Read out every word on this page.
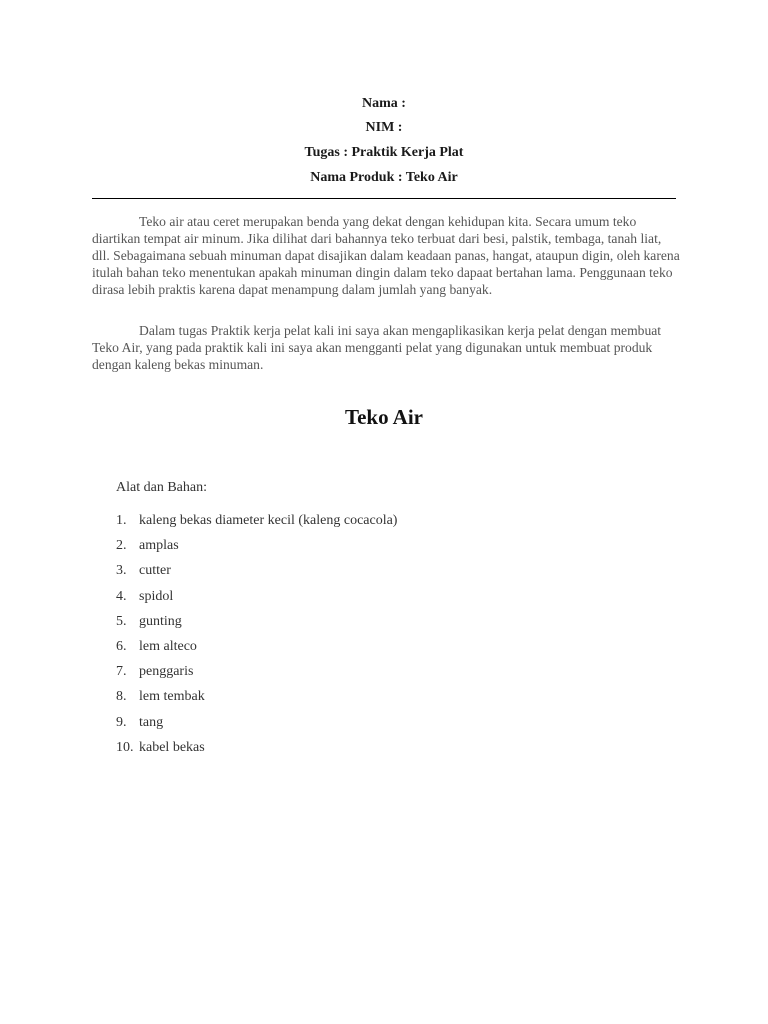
Nama :
NIM :
Tugas : Praktik Kerja Plat
Nama Produk : Teko Air

Teko air atau ceret merupakan benda yang dekat dengan kehidupan kita. Secara umum teko diartikan tempat air minum. Jika dilihat dari bahannya teko terbuat dari besi, palstik, tembaga, tanah liat, dll. Sebagaimana sebuah minuman dapat disajikan dalam keadaan panas, hangat, ataupun digin, oleh karena itulah bahan teko menentukan apakah minuman dingin dalam teko dapaat bertahan lama. Penggunaan teko dirasa lebih praktis karena dapat menampung dalam jumlah yang banyak.

Dalam tugas Praktik kerja pelat kali ini saya akan mengaplikasikan kerja pelat dengan membuat Teko Air, yang pada praktik kali ini saya akan mengganti pelat yang digunakan untuk membuat produk dengan kaleng bekas minuman.

Teko Air
Alat dan Bahan:
1. kaleng bekas diameter kecil (kaleng cocacola)
2. amplas
3. cutter
4. spidol
5. gunting
6. lem alteco
7. penggaris
8. lem tembak
9. tang
10. kabel bekas
